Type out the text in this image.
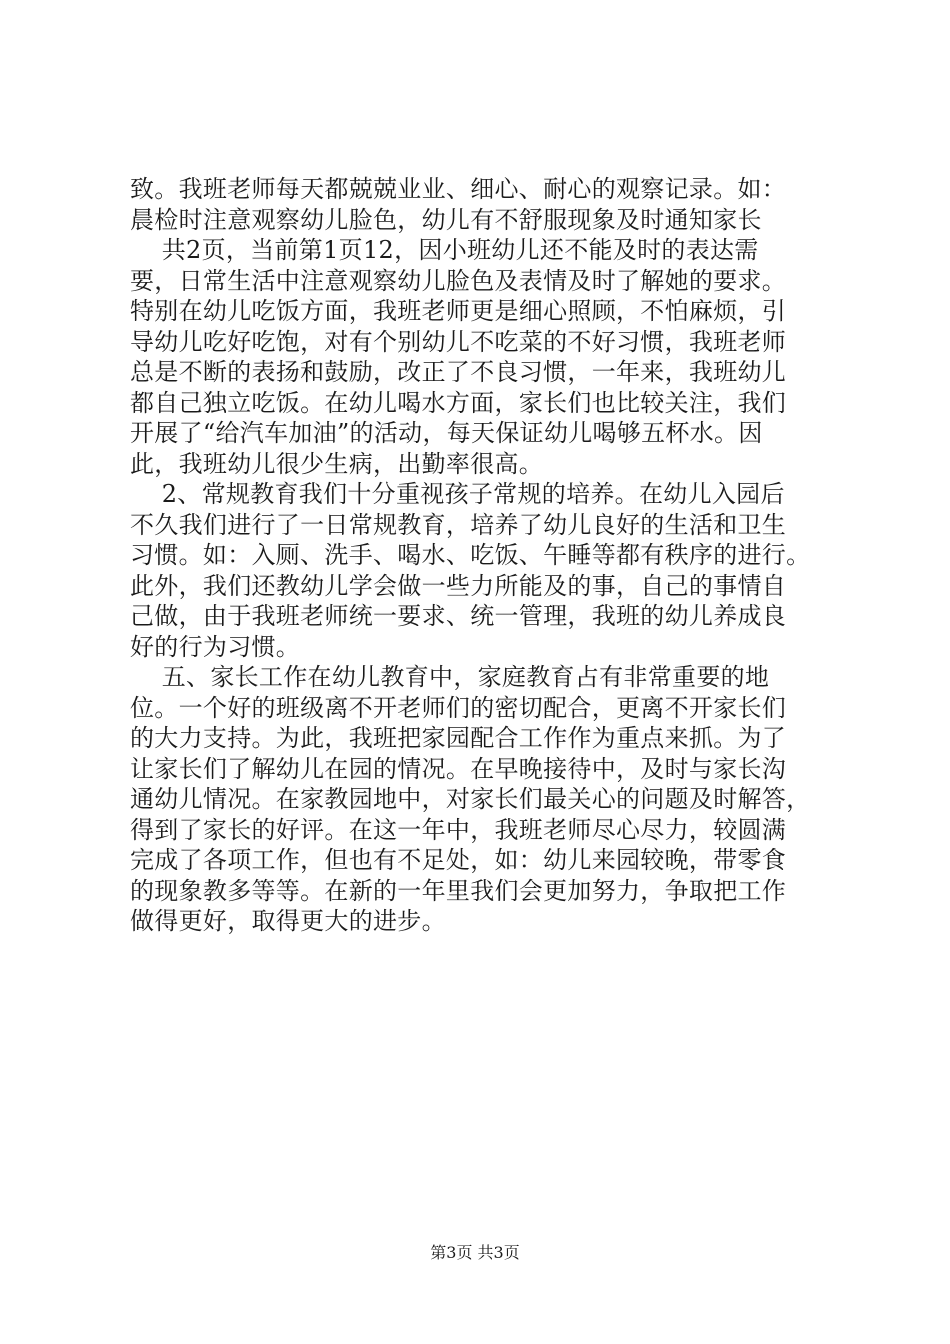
致。我班老师每天都兢兢业业、细心、耐心的观察记录。如：
晨检时注意观察幼儿脸色，幼儿有不舒服现象及时通知家长
共2页，当前第1页12，因小班幼儿还不能及时的表达需
要，日常生活中注意观察幼儿脸色及表情及时了解她的要求。
特别在幼儿吃饭方面，我班老师更是细心照顾，不怕麻烦，引
导幼儿吃好吃饱，对有个别幼儿不吃菜的不好习惯，我班老师
总是不断的表扬和鼓励，改正了不良习惯，一年来，我班幼儿
都自己独立吃饭。在幼儿喝水方面，家长们也比较关注，我们
开展了“给汽车加油”的活动，每天保证幼儿喝够五杯水。因
此，我班幼儿很少生病，出勤率很高。
2、常规教育我们十分重视孩子常规的培养。在幼儿入园后
不久我们进行了一日常规教育，培养了幼儿良好的生活和卫生
习惯。如：入厕、洗手、喝水、吃饭、午睡等都有秩序的进行。
此外，我们还教幼儿学会做一些力所能及的事，自己的事情自
己做，由于我班老师统一要求、统一管理，我班的幼儿养成良
好的行为习惯。
五、家长工作在幼儿教育中，家庭教育占有非常重要的地
位。一个好的班级离不开老师们的密切配合，更离不开家长们
的大力支持。为此，我班把家园配合工作作为重点来抓。为了
让家长们了解幼儿在园的情况。在早晚接待中，及时与家长沟
通幼儿情况。在家教园地中，对家长们最关心的问题及时解答，
得到了家长的好评。在这一年中，我班老师尽心尽力，较圆满
完成了各项工作，但也有不足处，如：幼儿来园较晚，带零食
的现象教多等等。在新的一年里我们会更加努力，争取把工作
做得更好，取得更大的进步。
第3页 共3页
